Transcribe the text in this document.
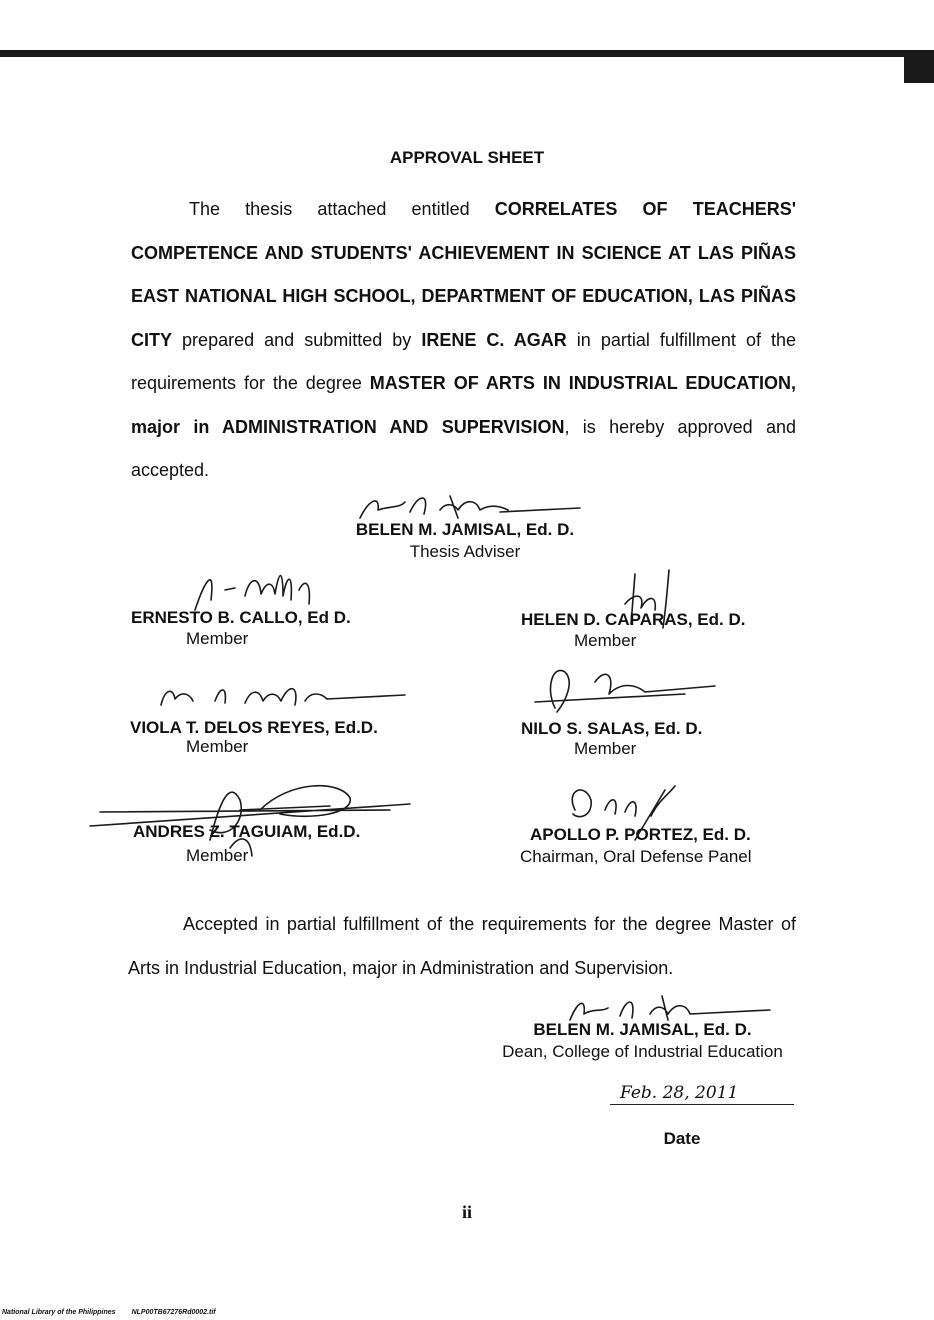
APPROVAL SHEET
The thesis attached entitled CORRELATES OF TEACHERS' COMPETENCE AND STUDENTS' ACHIEVEMENT IN SCIENCE AT LAS PIÑAS EAST NATIONAL HIGH SCHOOL, DEPARTMENT OF EDUCATION, LAS PIÑAS CITY prepared and submitted by IRENE C. AGAR in partial fulfillment of the requirements for the degree MASTER OF ARTS IN INDUSTRIAL EDUCATION, major in ADMINISTRATION AND SUPERVISION, is hereby approved and accepted.
BELEN M. JAMISAL, Ed. D.
Thesis Adviser
ERNESTO B. CALLO, Ed D.
Member
HELEN D. CAPARAS, Ed. D.
Member
VIOLA T. DELOS REYES, Ed.D.
Member
NILO S. SALAS, Ed. D.
Member
ANDRES Z. TAGUIAM, Ed.D.
Member
APOLLO P. PORTEZ, Ed. D.
Chairman, Oral Defense Panel
Accepted in partial fulfillment of the requirements for the degree Master of Arts in Industrial Education, major in Administration and Supervision.
BELEN M. JAMISAL, Ed. D.
Dean, College of Industrial Education
Feb. 28, 2011
Date
ii
National Library of the Philippines NLP00TB67276Rd0002.tif
